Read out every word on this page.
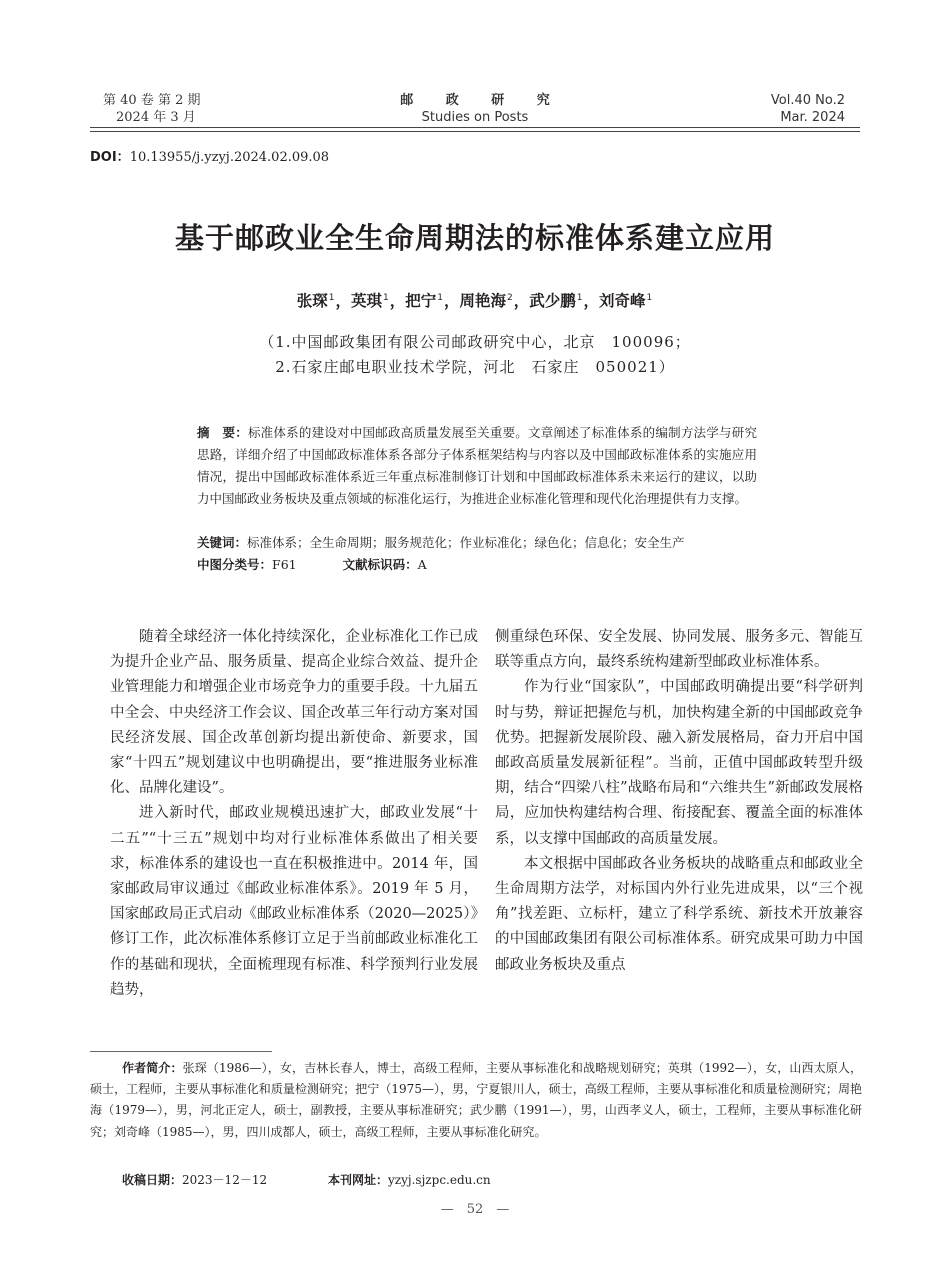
第 40 卷 第 2 期
2024 年 3 月
邮 政 研 究
Studies on Posts
Vol.40 No.2
Mar. 2024
DOI：10.13955/j.yzyj.2024.02.09.08
基于邮政业全生命周期法的标准体系建立应用
张琛$^1$，英琪$^1$，把宁$^1$，周艳海$^2$，武少鹏$^1$，刘奇峰$^1$
（1.中国邮政集团有限公司邮政研究中心，北京　100096；
2.石家庄邮电职业技术学院，河北　石家庄　050021）
摘　要：标准体系的建设对中国邮政高质量发展至关重要。文章阐述了标准体系的编制方法学与研究思路，详细介绍了中国邮政标准体系各部分子体系框架结构与内容以及中国邮政标准体系的实施应用情况，提出中国邮政标准体系近三年重点标准制修订计划和中国邮政标准体系未来运行的建议，以助力中国邮政业务板块及重点领域的标准化运行，为推进企业标准化管理和现代化治理提供有力支撑。
关键词：标准体系；全生命周期；服务规范化；作业标准化；绿色化；信息化；安全生产
中图分类号：F61	文献标识码：A

随着全球经济一体化持续深化，企业标准化工作已成为提升企业产品、服务质量、提高企业综合效益、提升企业管理能力和增强企业市场竞争力的重要手段。十九届五中全会、中央经济工作会议、国企改革三年行动方案对国民经济发展、国企改革创新均提出新使命、新要求，国家“十四五”规划建议中也明确提出，要“推进服务业标准化、品牌化建设”。

进入新时代，邮政业规模迅速扩大，邮政业发展“十二五”“十三五”规划中均对行业标准体系做出了相关要求，标准体系的建设也一直在积极推进中。2014 年，国家邮政局审议通过《邮政业标准体系》。2019 年 5 月，国家邮政局正式启动《邮政业标准体系（2020—2025）》修订工作，此次标准体系修订立足于当前邮政业标准化工作的基础和现状，全面梳理现有标准、科学预判行业发展趋势，

侧重绿色环保、安全发展、协同发展、服务多元、智能互联等重点方向，最终系统构建新型邮政业标准体系。

作为行业“国家队”，中国邮政明确提出要“科学研判时与势，辩证把握危与机，加快构建全新的中国邮政竞争优势。把握新发展阶段、融入新发展格局，奋力开启中国邮政高质量发展新征程”。当前，正值中国邮政转型升级期，结合“四梁八柱”战略布局和“六维共生”新邮政发展格局，应加快构建结构合理、衔接配套、覆盖全面的标准体系，以支撑中国邮政的高质量发展。

本文根据中国邮政各业务板块的战略重点和邮政业全生命周期方法学，对标国内外行业先进成果，以“三个视角”找差距、立标杆，建立了科学系统、新技术开放兼容的中国邮政集团有限公司标准体系。研究成果可助力中国邮政业务板块及重点

作者简介：张琛（1986—），女，吉林长春人，博士，高级工程师，主要从事标准化和战略规划研究；英琪（1992—），女，山西太原人，硕士，工程师，主要从事标准化和质量检测研究；把宁（1975—），男，宁夏银川人，硕士，高级工程师，主要从事标准化和质量检测研究；周艳海（1979—），男，河北正定人，硕士，副教授，主要从事标准研究；武少鹏（1991—），男，山西孝义人，硕士，工程师，主要从事标准化研究；刘奇峰（1985—），男，四川成都人，硕士，高级工程师，主要从事标准化研究。
收稿日期：2023－12－12	本刊网址：yzyj.sjzpc.edu.cn
—　52　—
